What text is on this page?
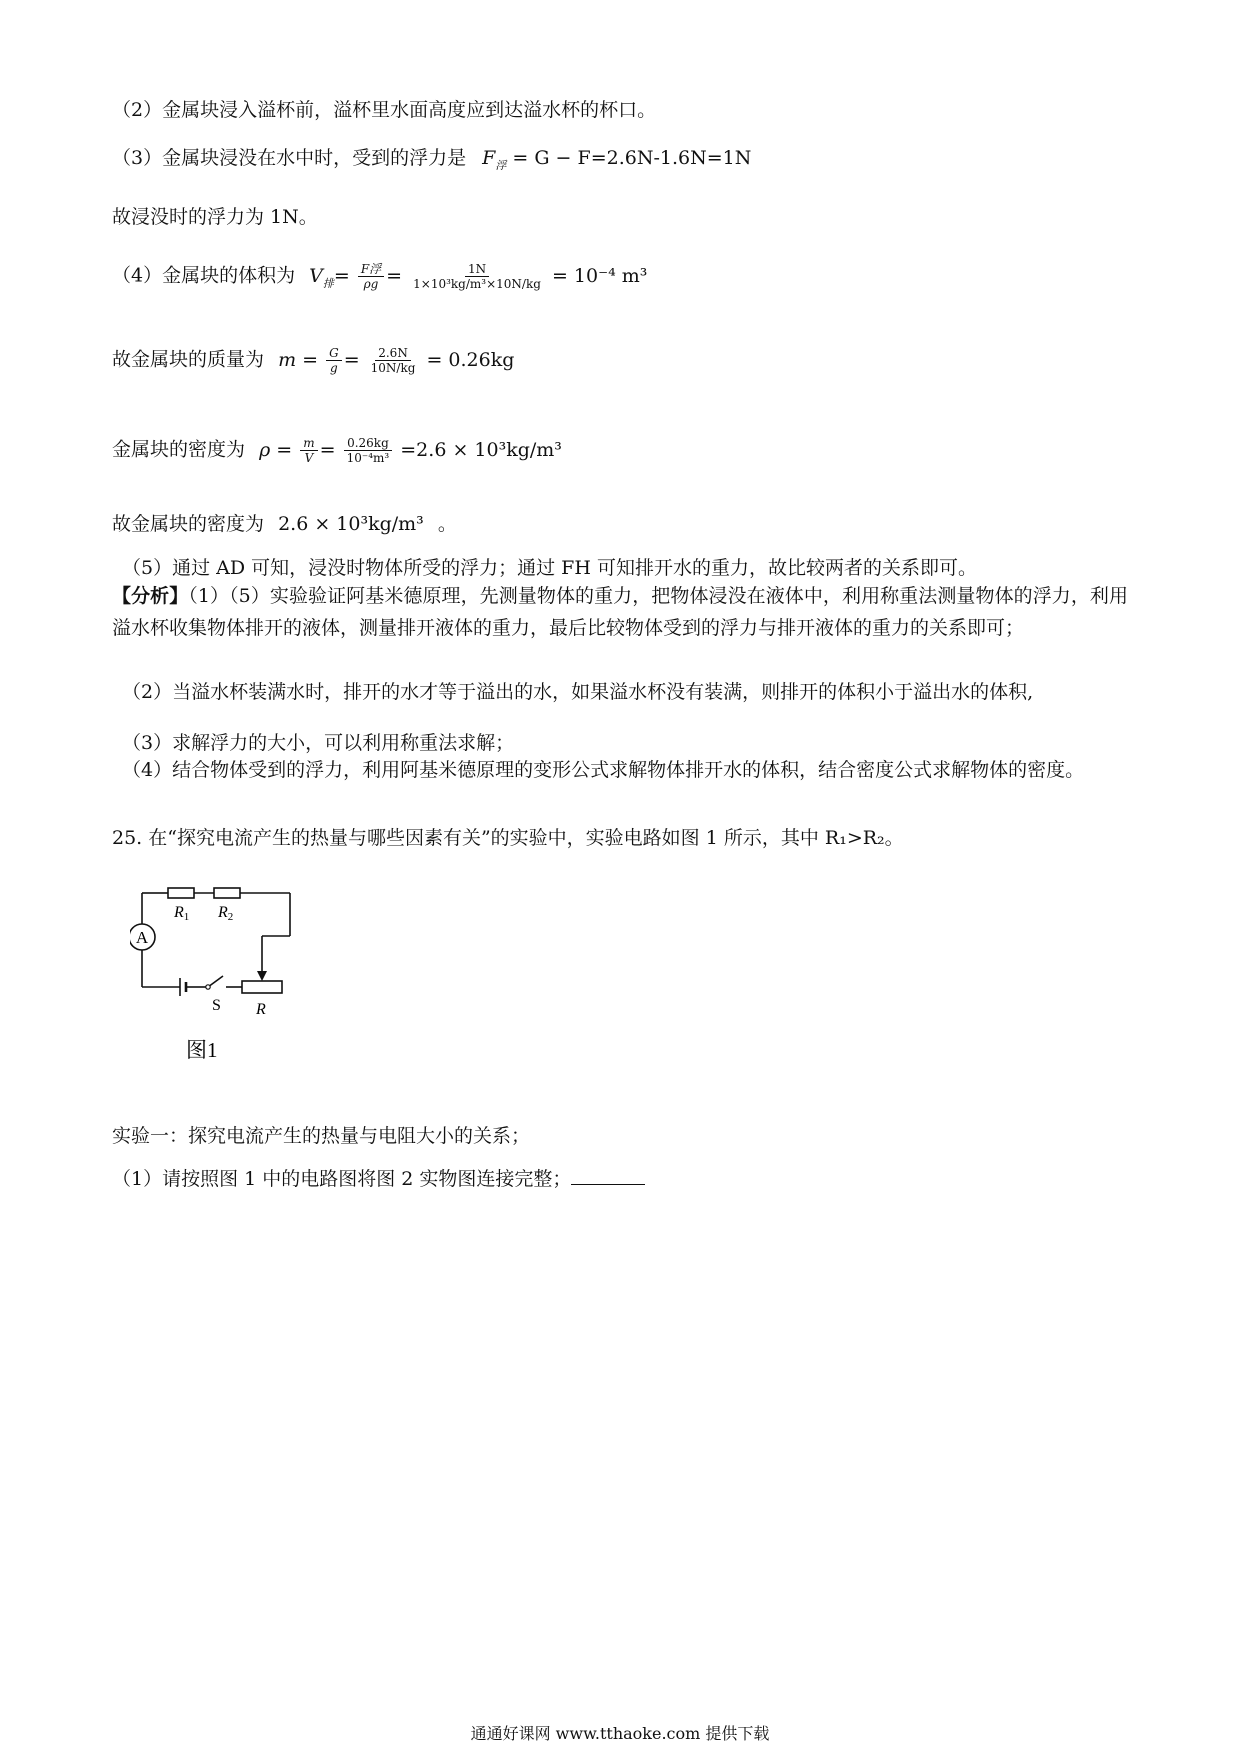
（2）金属块浸入溢杯前，溢杯里水面高度应到达溢水杯的杯口。
（3）金属块浸没在水中时，受到的浮力是 $F_浮 = G - F=2.6N-1.6N=1N$
故浸没时的浮力为 1N。
（4）金属块的体积为 $V_排= \frac{\text{F浮}}{\rho g} = \frac{1N}{\text{1×10³kg/m³×10N/kg}} = 10^{-4}$ m³
故金属块的质量为 $m = \frac{G}{g} = \frac{2.6N}{10N/kg} = 0.26kg$
金属块的密度为 $\rho = \frac{m}{V} = \frac{0.26kg}{\text{10⁻⁴m³}} =2.6 \times 10^3kg/m^3$
故金属块的密度为 2.6 × 10³kg/m³ 。
（5）通过 AD 可知，浸没时物体所受的浮力；通过 FH 可知排开水的重力，故比较两者的关系即可。
【分析】（1）（5）实验验证阿基米德原理，先测量物体的重力，把物体浸没在液体中，利用称重法测量物体的浮力，利用溢水杯收集物体排开的液体，测量排开液体的重力，最后比较物体受到的浮力与排开液体的重力的关系即可；
（2）当溢水杯装满水时，排开的水才等于溢出的水，如果溢水杯没有装满，则排开的体积小于溢出水的体积,
（3）求解浮力的大小，可以利用称重法求解；
（4）结合物体受到的浮力，利用阿基米德原理的变形公式求解物体排开水的体积，结合密度公式求解物体的密度。
25. 在“探究电流产生的热量与哪些因素有关”的实验中，实验电路如图 1 所示，其中 R₁>R₂。
A
R1 R2
S R
图1
实验一：探究电流产生的热量与电阻大小的关系；
（1）请按照图 1 中的电路图将图 2 实物图连接完整；
通通好课网 www.tthaoke.com 提供下载
